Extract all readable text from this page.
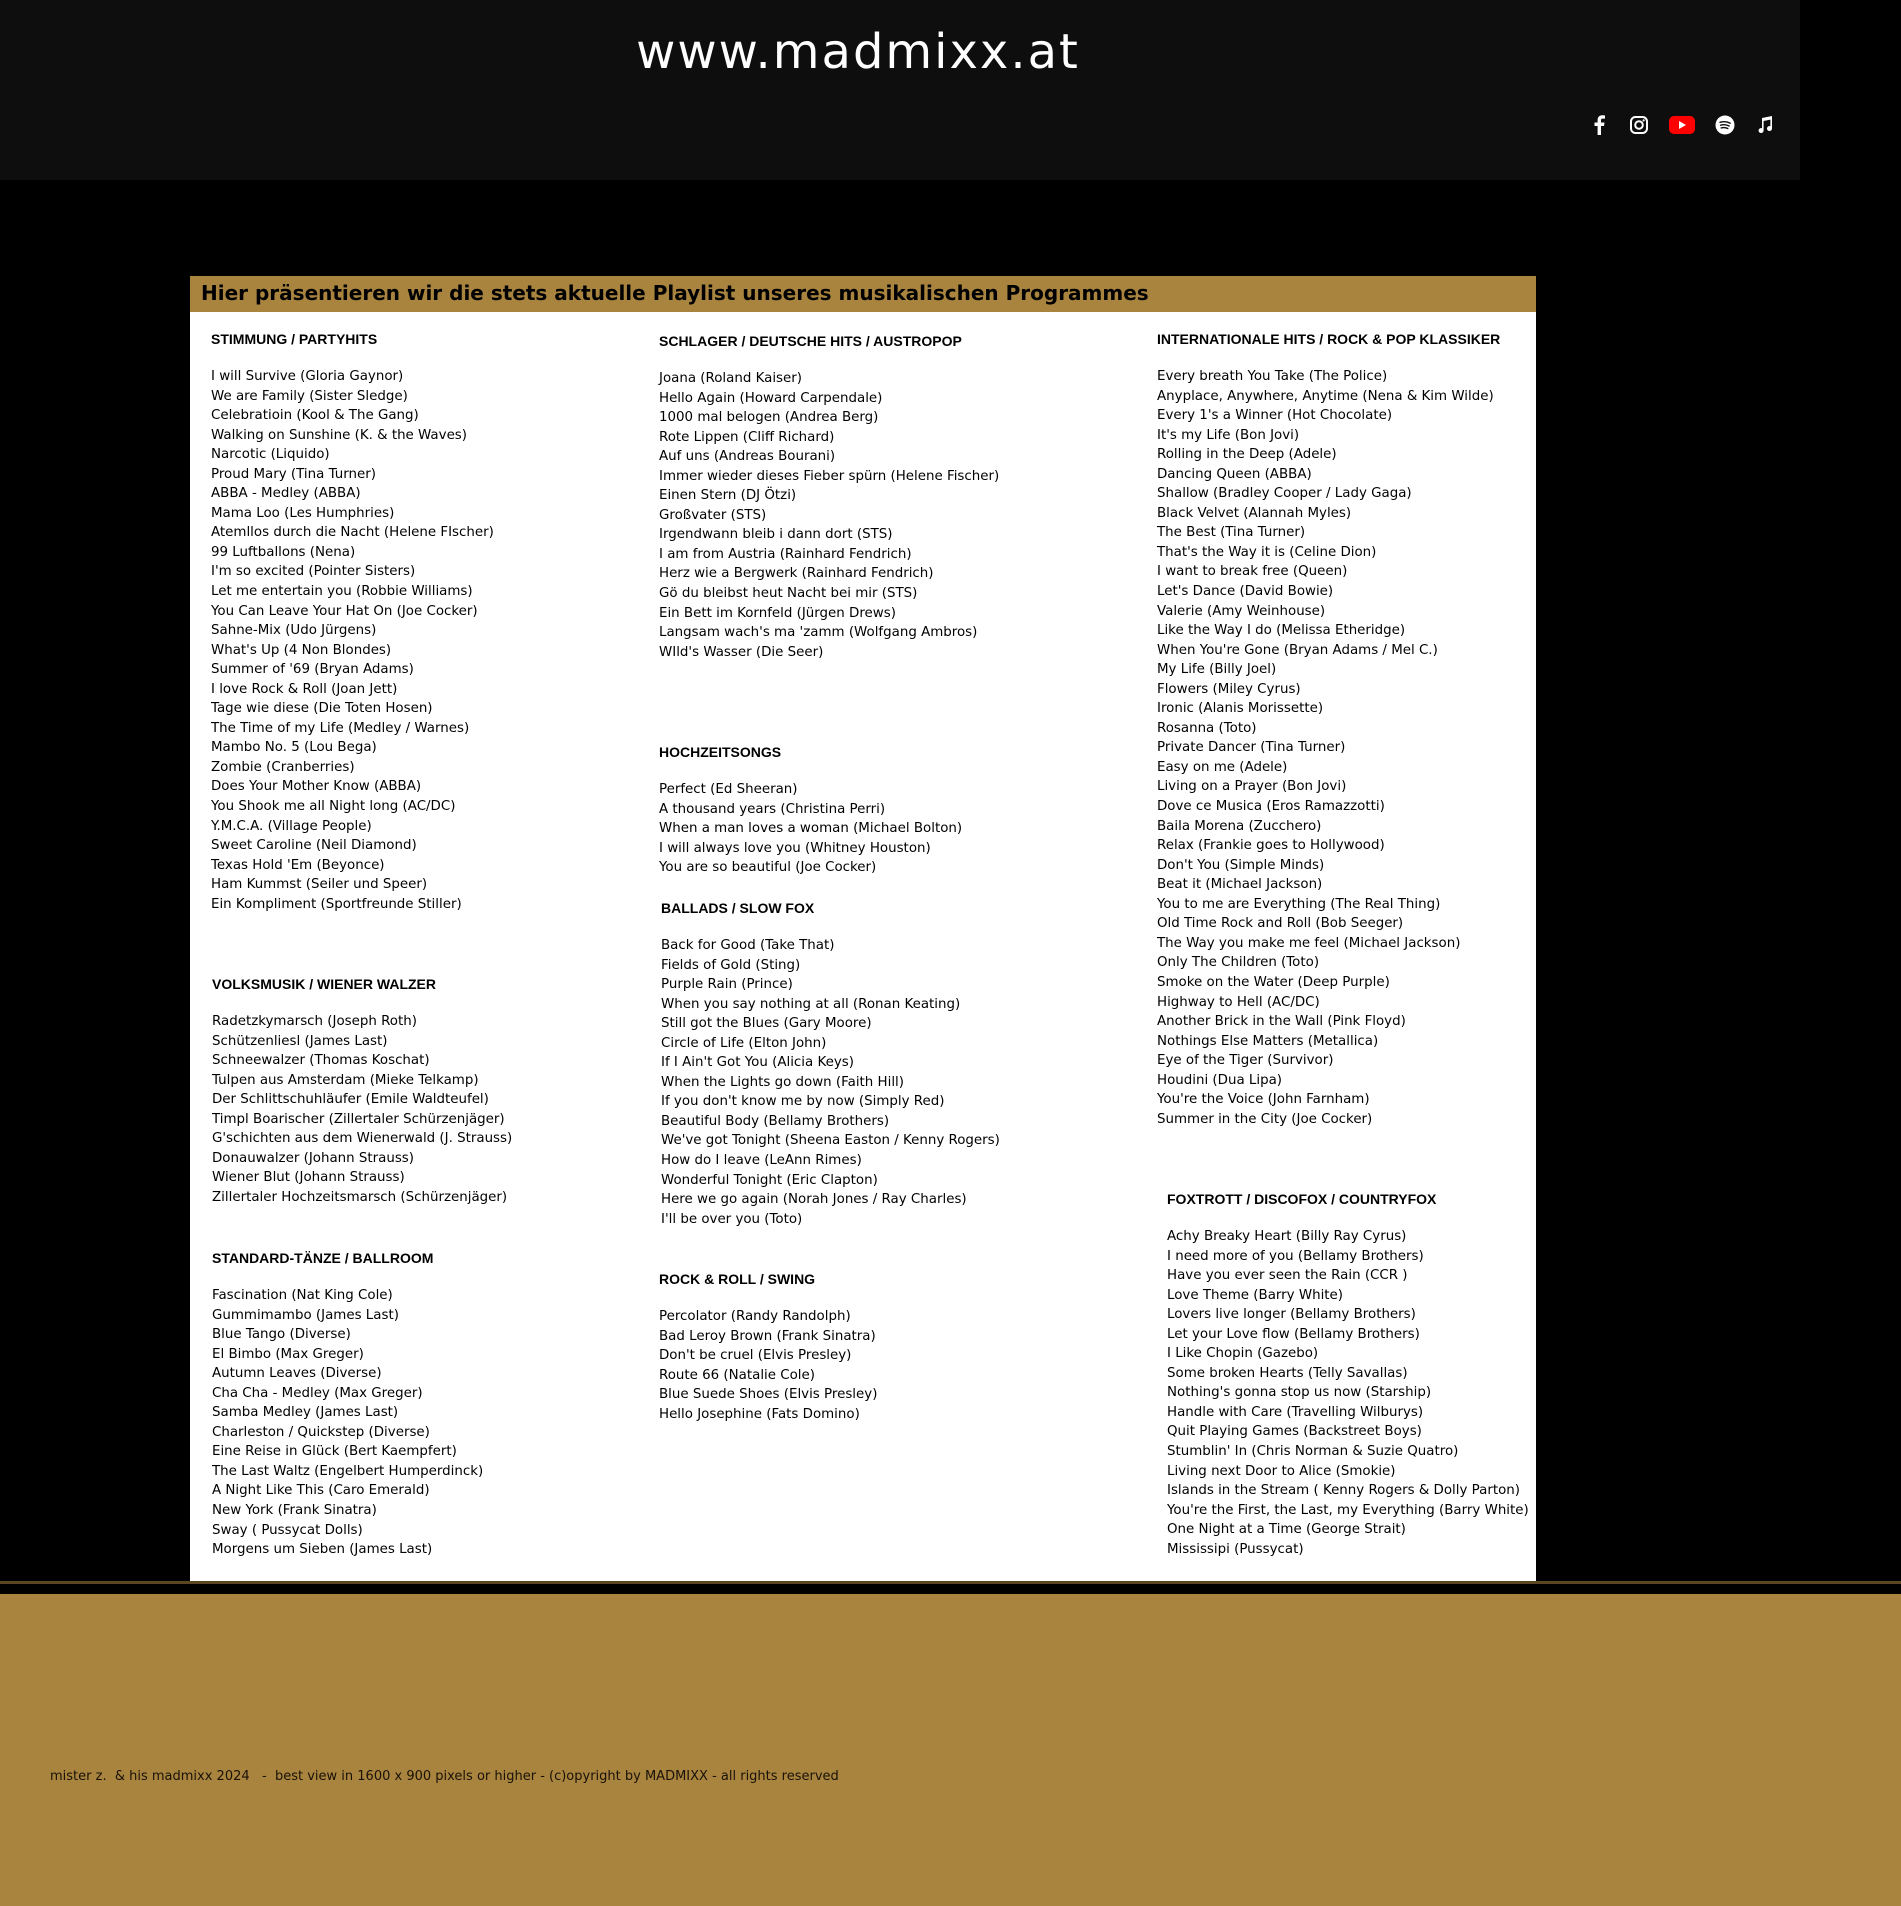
www.madmixx.at
Hier präsentieren wir die stets aktuelle Playlist unseres musikalischen Programmes
STIMMUNG / PARTYHITS
I will Survive (Gloria Gaynor)
We are Family (Sister Sledge)
Celebratioin (Kool & The Gang)
Walking on Sunshine (K. & the Waves)
Narcotic (Liquido)
Proud Mary (Tina Turner)
ABBA - Medley (ABBA)
Mama Loo (Les Humphries)
Atemllos durch die Nacht (Helene FIscher)
99 Luftballons (Nena)
I'm so excited (Pointer Sisters)
Let me entertain you (Robbie Williams)
You Can Leave Your Hat On (Joe Cocker)
Sahne-Mix (Udo Jürgens)
What's Up (4 Non Blondes)
Summer of '69 (Bryan Adams)
I love Rock & Roll (Joan Jett)
Tage wie diese (Die Toten Hosen)
The Time of my Life (Medley / Warnes)
Mambo No. 5 (Lou Bega)
Zombie (Cranberries)
Does Your Mother Know (ABBA)
You Shook me all Night long (AC/DC)
Y.M.C.A. (Village People)
Sweet Caroline (Neil Diamond)
Texas Hold 'Em (Beyonce)
Ham Kummst (Seiler und Speer)
Ein Kompliment (Sportfreunde Stiller)
VOLKSMUSIK / WIENER WALZER
Radetzkymarsch (Joseph Roth)
Schützenliesl (James Last)
Schneewalzer (Thomas Koschat)
Tulpen aus Amsterdam (Mieke Telkamp)
Der Schlittschuhläufer (Emile Waldteufel)
Timpl Boarischer (Zillertaler Schürzenjäger)
G'schichten aus dem Wienerwald (J. Strauss)
Donauwalzer (Johann Strauss)
Wiener Blut (Johann Strauss)
Zillertaler Hochzeitsmarsch (Schürzenjäger)
STANDARD-TÄNZE / BALLROOM
Fascination (Nat King Cole)
Gummimambo (James Last)
Blue Tango (Diverse)
El Bimbo (Max Greger)
Autumn Leaves (Diverse)
Cha Cha - Medley (Max Greger)
Samba Medley (James Last)
Charleston / Quickstep (Diverse)
Eine Reise in Glück (Bert Kaempfert)
The Last Waltz (Engelbert Humperdinck)
A Night Like This (Caro Emerald)
New York (Frank Sinatra)
Sway ( Pussycat Dolls)
Morgens um Sieben (James Last)
SCHLAGER / DEUTSCHE HITS / AUSTROPOP
Joana (Roland Kaiser)
Hello Again (Howard Carpendale)
1000 mal belogen (Andrea Berg)
Rote Lippen (Cliff Richard)
Auf uns (Andreas Bourani)
Immer wieder dieses Fieber spürn (Helene Fischer)
Einen Stern (DJ Ötzi)
Großvater (STS)
Irgendwann bleib i dann dort (STS)
I am from Austria (Rainhard Fendrich)
Herz wie a Bergwerk (Rainhard Fendrich)
Gö du bleibst heut Nacht bei mir (STS)
Ein Bett im Kornfeld (Jürgen Drews)
Langsam wach's ma 'zamm (Wolfgang Ambros)
WIld's Wasser (Die Seer)
HOCHZEITSONGS
Perfect (Ed Sheeran)
A thousand years (Christina Perri)
When a man loves a woman (Michael Bolton)
I will always love you (Whitney Houston)
You are so beautiful (Joe Cocker)
BALLADS / SLOW FOX
Back for Good (Take That)
Fields of Gold (Sting)
Purple Rain (Prince)
When you say nothing at all (Ronan Keating)
Still got the Blues (Gary Moore)
Circle of Life (Elton John)
If I Ain't Got You (Alicia Keys)
When the Lights go down (Faith Hill)
If you don't know me by now (Simply Red)
Beautiful Body (Bellamy Brothers)
We've got Tonight (Sheena Easton / Kenny Rogers)
How do I leave (LeAnn Rimes)
Wonderful Tonight (Eric Clapton)
Here we go again (Norah Jones / Ray Charles)
I'll be over you (Toto)
ROCK & ROLL / SWING
Percolator (Randy Randolph)
Bad Leroy Brown (Frank Sinatra)
Don't be cruel (Elvis Presley)
Route 66 (Natalie Cole)
Blue Suede Shoes (Elvis Presley)
Hello Josephine (Fats Domino)
INTERNATIONALE HITS / ROCK & POP KLASSIKER
Every breath You Take (The Police)
Anyplace, Anywhere, Anytime (Nena & Kim Wilde)
Every 1's a Winner (Hot Chocolate)
It's my Life (Bon Jovi)
Rolling in the Deep (Adele)
Dancing Queen (ABBA)
Shallow (Bradley Cooper / Lady Gaga)
Black Velvet (Alannah Myles)
The Best (Tina Turner)
That's the Way it is (Celine Dion)
I want to break free (Queen)
Let's Dance (David Bowie)
Valerie (Amy Weinhouse)
Like the Way I do (Melissa Etheridge)
When You're Gone (Bryan Adams / Mel C.)
My Life (Billy Joel)
Flowers (Miley Cyrus)
Ironic (Alanis Morissette)
Rosanna (Toto)
Private Dancer (Tina Turner)
Easy on me (Adele)
Living on a Prayer (Bon Jovi)
Dove ce Musica (Eros Ramazzotti)
Baila Morena (Zucchero)
Relax (Frankie goes to Hollywood)
Don't You (Simple Minds)
Beat it (Michael Jackson)
You to me are Everything (The Real Thing)
Old Time Rock and Roll (Bob Seeger)
The Way you make me feel (Michael Jackson)
Only The Children (Toto)
Smoke on the Water (Deep Purple)
Highway to Hell (AC/DC)
Another Brick in the Wall (Pink Floyd)
Nothings Else Matters (Metallica)
Eye of the Tiger (Survivor)
Houdini (Dua Lipa)
You're the Voice (John Farnham)
Summer in the City (Joe Cocker)
FOXTROTT / DISCOFOX / COUNTRYFOX
Achy Breaky Heart (Billy Ray Cyrus)
I need more of you (Bellamy Brothers)
Have you ever seen the Rain (CCR )
Love Theme (Barry White)
Lovers live longer (Bellamy Brothers)
Let your Love flow (Bellamy Brothers)
I Like Chopin (Gazebo)
Some broken Hearts (Telly Savallas)
Nothing's gonna stop us now (Starship)
Handle with Care (Travelling Wilburys)
Quit Playing Games (Backstreet Boys)
Stumblin' In (Chris Norman & Suzie Quatro)
Living next Door to Alice (Smokie)
Islands in the Stream ( Kenny Rogers & Dolly Parton)
You're the First, the Last, my Everything (Barry White)
One Night at a Time (George Strait)
Mississipi (Pussycat)
mister z.  & his madmixx 2024   -  best view in 1600 x 900 pixels or higher - (c)opyright by MADMIXX - all rights reserved
